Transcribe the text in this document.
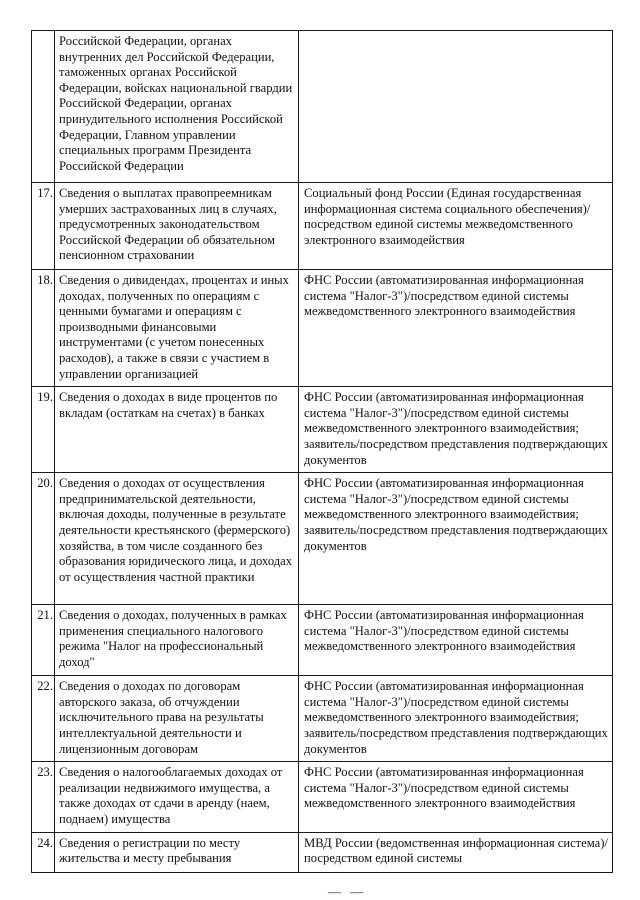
	Российской Федерации, органах внутренних дел Российской Федерации, таможенных органах Российской Федерации, войсках национальной гвардии Российской Федерации, органах принудительного исполнения Российской Федерации, Главном управлении специальных программ Президента Российской Федерации	
17.	Сведения о выплатах правопреемникам умерших застрахованных лиц в случаях, предусмотренных законодательством Российской Федерации об обязательном пенсионном страховании	Социальный фонд России (Единая государственная информационная система социального обеспечения)/посредством единой системы межведомственного электронного взаимодействия
18.	Сведения о дивидендах, процентах и иных доходах, полученных по операциям с ценными бумагами и операциям с производными финансовыми инструментами (с учетом понесенных расходов), а также в связи с участием в управлении организацией	ФНС России (автоматизированная информационная система "Налог-3")/посредством единой системы межведомственного электронного взаимодействия
19.	Сведения о доходах в виде процентов по вкладам (остаткам на счетах) в банках	ФНС России (автоматизированная информационная система "Налог-3")/посредством единой системы межведомственного электронного взаимодействия; заявитель/посредством представления подтверждающих документов
20.	Сведения о доходах от осуществления предпринимательской деятельности, включая доходы, полученные в результате деятельности крестьянского (фермерского) хозяйства, в том числе созданного без образования юридического лица, и доходах от осуществления частной практики	ФНС России (автоматизированная информационная система "Налог-3")/посредством единой системы межведомственного электронного взаимодействия; заявитель/посредством представления подтверждающих документов
21.	Сведения о доходах, полученных в рамках применения специального налогового режима "Налог на профессиональный доход"	ФНС России (автоматизированная информационная система "Налог-3")/посредством единой системы межведомственного электронного взаимодействия
22.	Сведения о доходах по договорам авторского заказа, об отчуждении исключительного права на результаты интеллектуальной деятельности и лицензионным договорам	ФНС России (автоматизированная информационная система "Налог-3")/посредством единой системы межведомственного электронного взаимодействия; заявитель/посредством представления подтверждающих документов
23.	Сведения о налогооблагаемых доходах от реализации недвижимого имущества, а также доходах от сдачи в аренду (наем, поднаем) имущества	ФНС России (автоматизированная информационная система "Налог-3")/посредством единой системы межведомственного электронного взаимодействия
24.	Сведения о регистрации по месту жительства и месту пребывания	МВД России (ведомственная информационная система)/посредством единой системы
— —
